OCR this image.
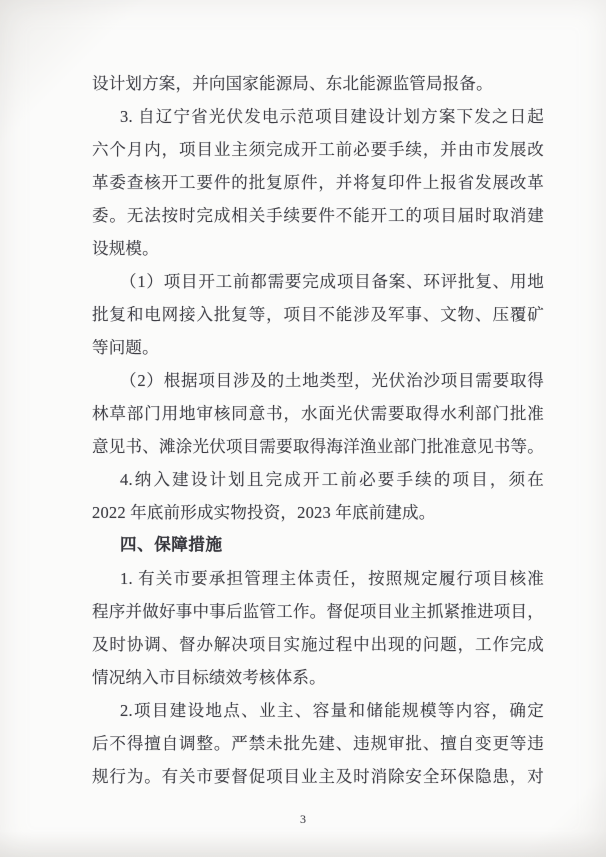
设计划方案，并向国家能源局、东北能源监管局报备。
3. 自辽宁省光伏发电示范项目建设计划方案下发之日起
六个月内，项目业主须完成开工前必要手续，并由市发展改
革委查核开工要件的批复原件，并将复印件上报省发展改革
委。无法按时完成相关手续要件不能开工的项目届时取消建
设规模。
（1）项目开工前都需要完成项目备案、环评批复、用地
批复和电网接入批复等，项目不能涉及军事、文物、压覆矿
等问题。
（2）根据项目涉及的土地类型，光伏治沙项目需要取得
林草部门用地审核同意书，水面光伏需要取得水利部门批准
意见书、滩涂光伏项目需要取得海洋渔业部门批准意见书等。
4.纳入建设计划且完成开工前必要手续的项目，须在
2022 年底前形成实物投资，2023 年底前建成。
四、保障措施
1. 有关市要承担管理主体责任，按照规定履行项目核准
程序并做好事中事后监管工作。督促项目业主抓紧推进项目，
及时协调、督办解决项目实施过程中出现的问题，工作完成
情况纳入市目标绩效考核体系。
2.项目建设地点、业主、容量和储能规模等内容，确定
后不得擅自调整。严禁未批先建、违规审批、擅自变更等违
规行为。有关市要督促项目业主及时消除安全环保隐患，对
3
